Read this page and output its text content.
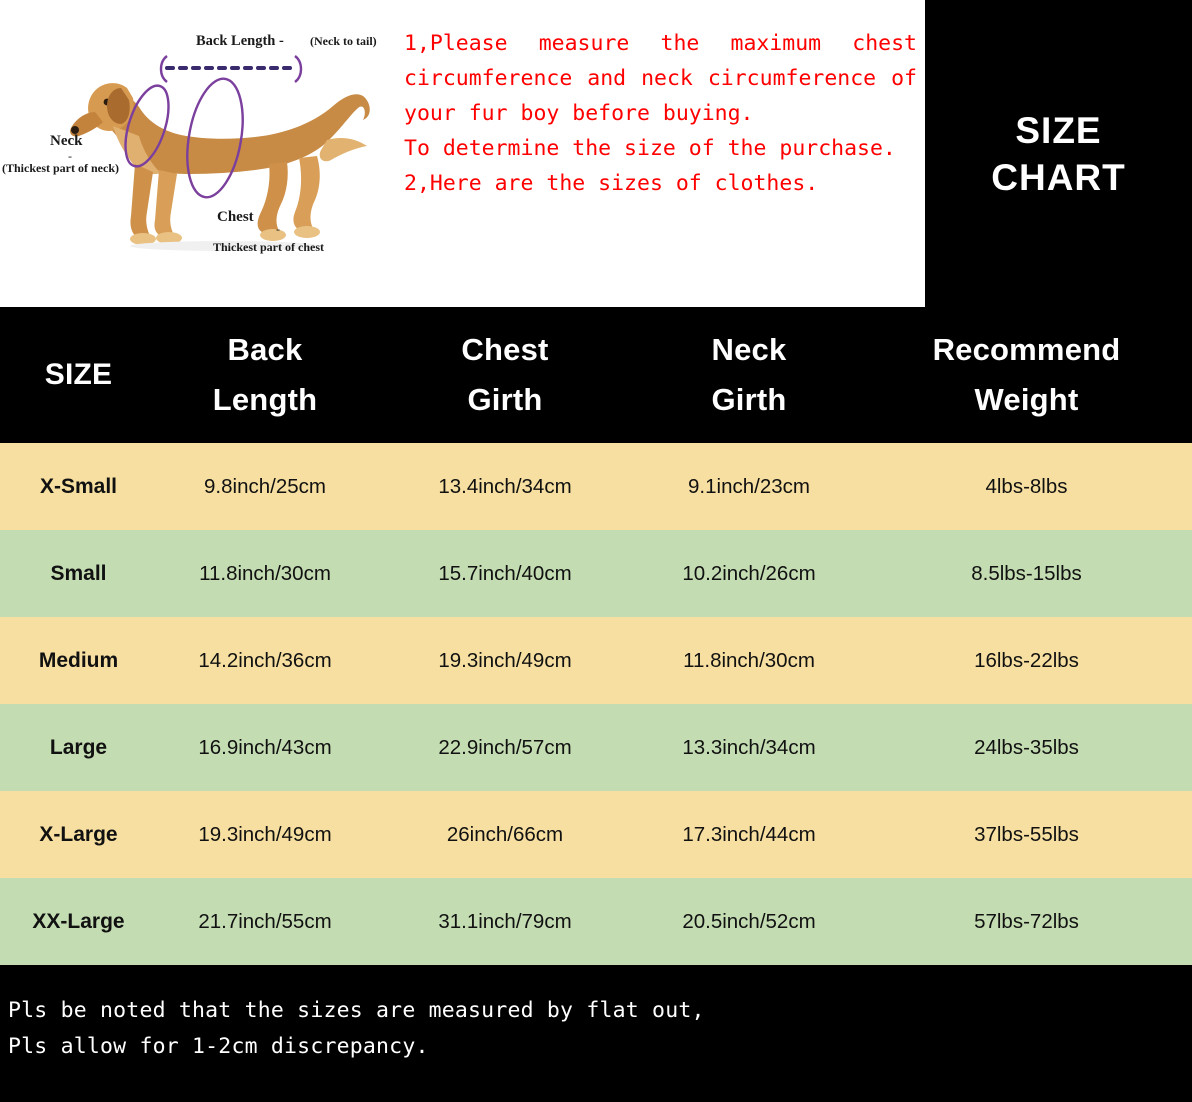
Back Length - (Neck to tail)
Neck
-
(Thickest part of neck)
Chest
-
Thickest part of chest

1,Please measure the maximum chest circumference and neck circumference of your fur boy before buying.

To determine the size of the purchase.

2,Here are the sizes of clothes.

SIZE
CHART
SIZE

Back
Length

Chest
Girth

Neck
Girth

Recommend
Weight

X-Small	9.8inch/25cm	13.4inch/34cm	9.1inch/23cm	4lbs-8lbs
Small	11.8inch/30cm	15.7inch/40cm	10.2inch/26cm	8.5lbs-15lbs
Medium	14.2inch/36cm	19.3inch/49cm	11.8inch/30cm	16lbs-22lbs
Large	16.9inch/43cm	22.9inch/57cm	13.3inch/34cm	24lbs-35lbs
X-Large	19.3inch/49cm	26inch/66cm	17.3inch/44cm	37lbs-55lbs
XX-Large	21.7inch/55cm	31.1inch/79cm	20.5inch/52cm	57lbs-72lbs

Pls be noted that the sizes are measured by flat out,

Pls allow for 1-2cm discrepancy.
